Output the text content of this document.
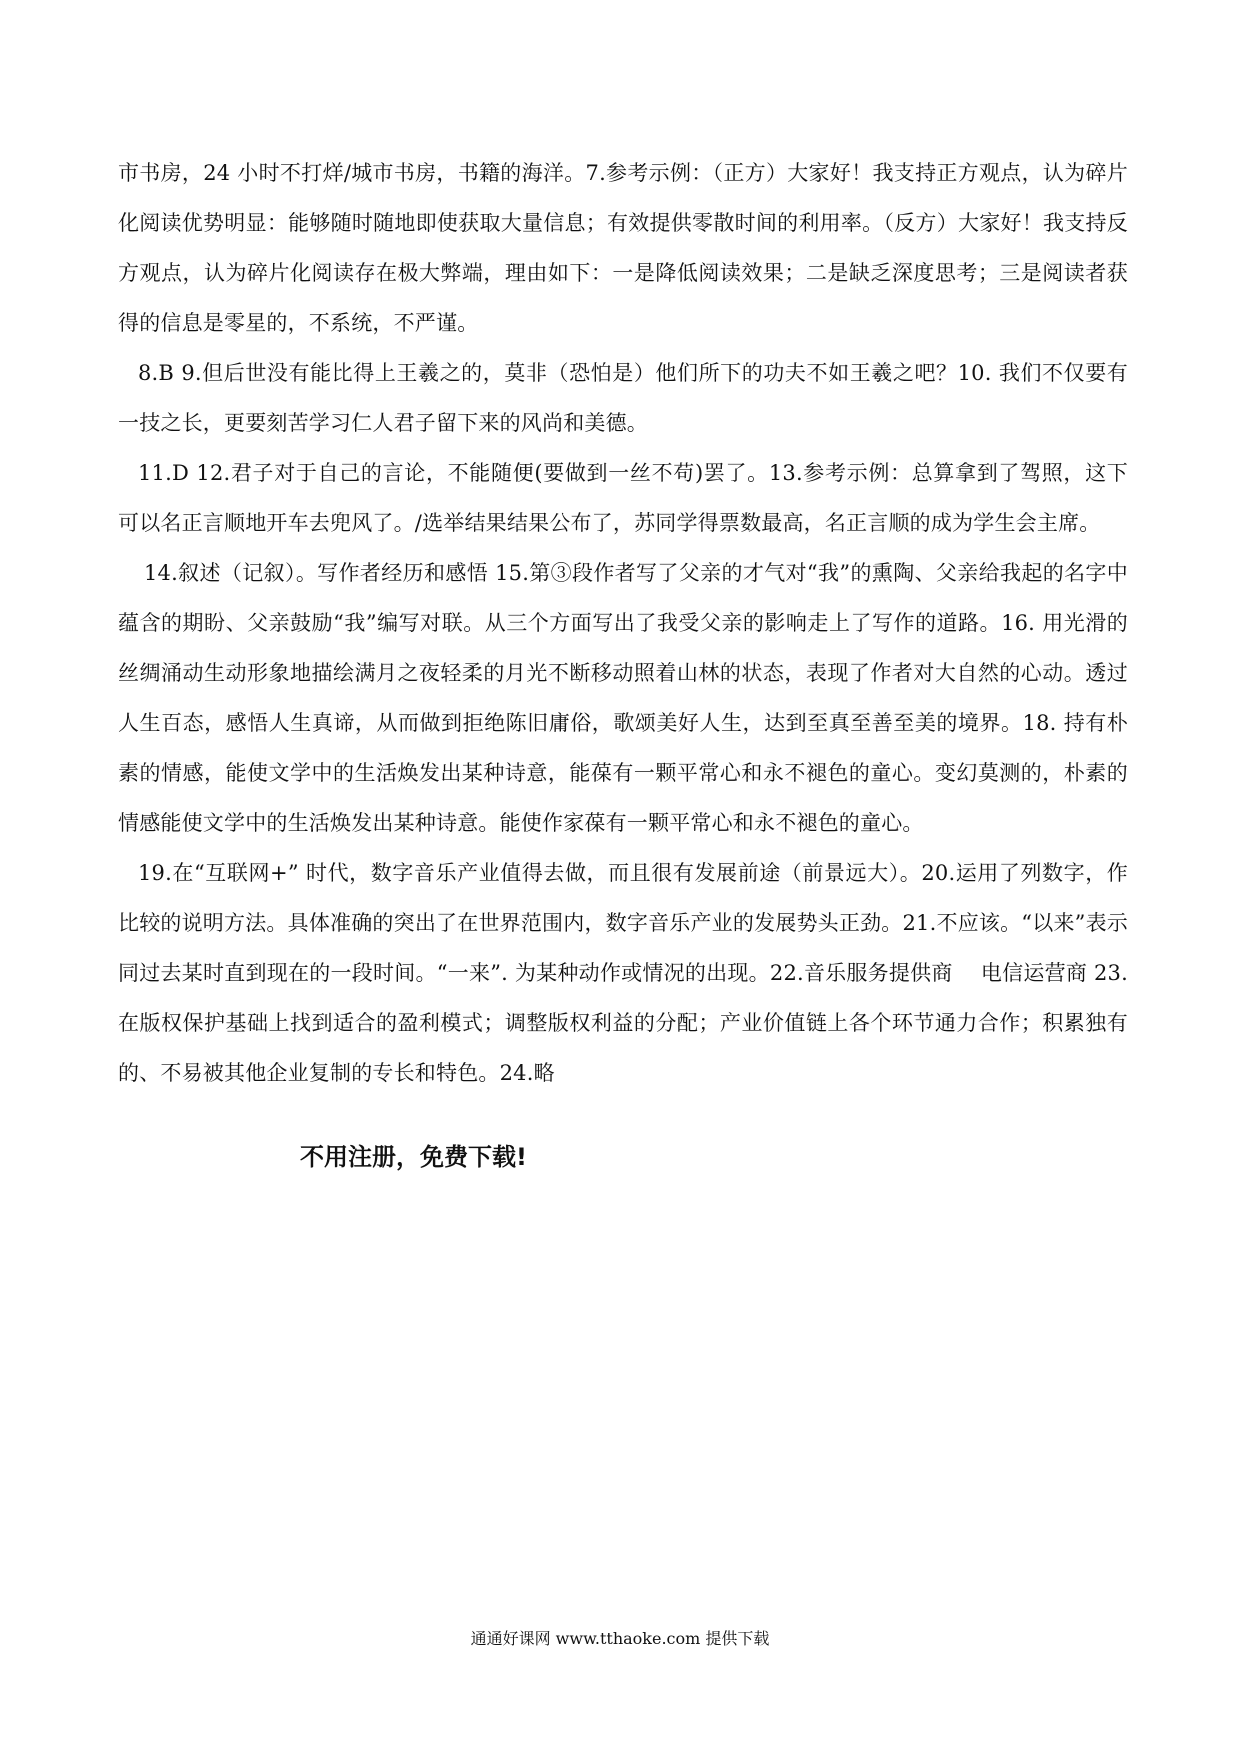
市书房，24 小时不打烊/城市书房，书籍的海洋。7.参考示例：（正方）大家好！我支持正方观点，认为碎片化阅读优势明显：能够随时随地即使获取大量信息；有效提供零散时间的利用率。（反方）大家好！我支持反方观点，认为碎片化阅读存在极大弊端，理由如下：一是降低阅读效果；二是缺乏深度思考；三是阅读者获得的信息是零星的，不系统，不严谨。

8.B 9.但后世没有能比得上王羲之的，莫非（恐怕是）他们所下的功夫不如王羲之吧？10. 我们不仅要有一技之长，更要刻苦学习仁人君子留下来的风尚和美德。

11.D 12.君子对于自己的言论，不能随便(要做到一丝不苟)罢了。13.参考示例：总算拿到了驾照，这下可以名正言顺地开车去兜风了。/选举结果结果公布了，苏同学得票数最高，名正言顺的成为学生会主席。

14.叙述（记叙）。写作者经历和感悟 15.第③段作者写了父亲的才气对“我”的熏陶、父亲给我起的名字中蕴含的期盼、父亲鼓励“我”编写对联。从三个方面写出了我受父亲的影响走上了写作的道路。16. 用光滑的丝绸涌动生动形象地描绘满月之夜轻柔的月光不断移动照着山林的状态，表现了作者对大自然的心动。透过人生百态，感悟人生真谛，从而做到拒绝陈旧庸俗，歌颂美好人生，达到至真至善至美的境界。18. 持有朴素的情感，能使文学中的生活焕发出某种诗意，能葆有一颗平常心和永不褪色的童心。变幻莫测的，朴素的情感能使文学中的生活焕发出某种诗意。能使作家葆有一颗平常心和永不褪色的童心。

19.在“互联网+” 时代，数字音乐产业值得去做，而且很有发展前途（前景远大）。20.运用了列数字，作比较的说明方法。具体准确的突出了在世界范围内，数字音乐产业的发展势头正劲。21.不应该。“以来”表示同过去某时直到现在的一段时间。“一来”. 为某种动作或情况的出现。22.音乐服务提供商　 电信运营商 23. 在版权保护基础上找到适合的盈利模式；调整版权利益的分配；产业价值链上各个环节通力合作；积累独有的、不易被其他企业复制的专长和特色。24.略

不用注册，免费下载!
通通好课网 www.tthaoke.com 提供下载
